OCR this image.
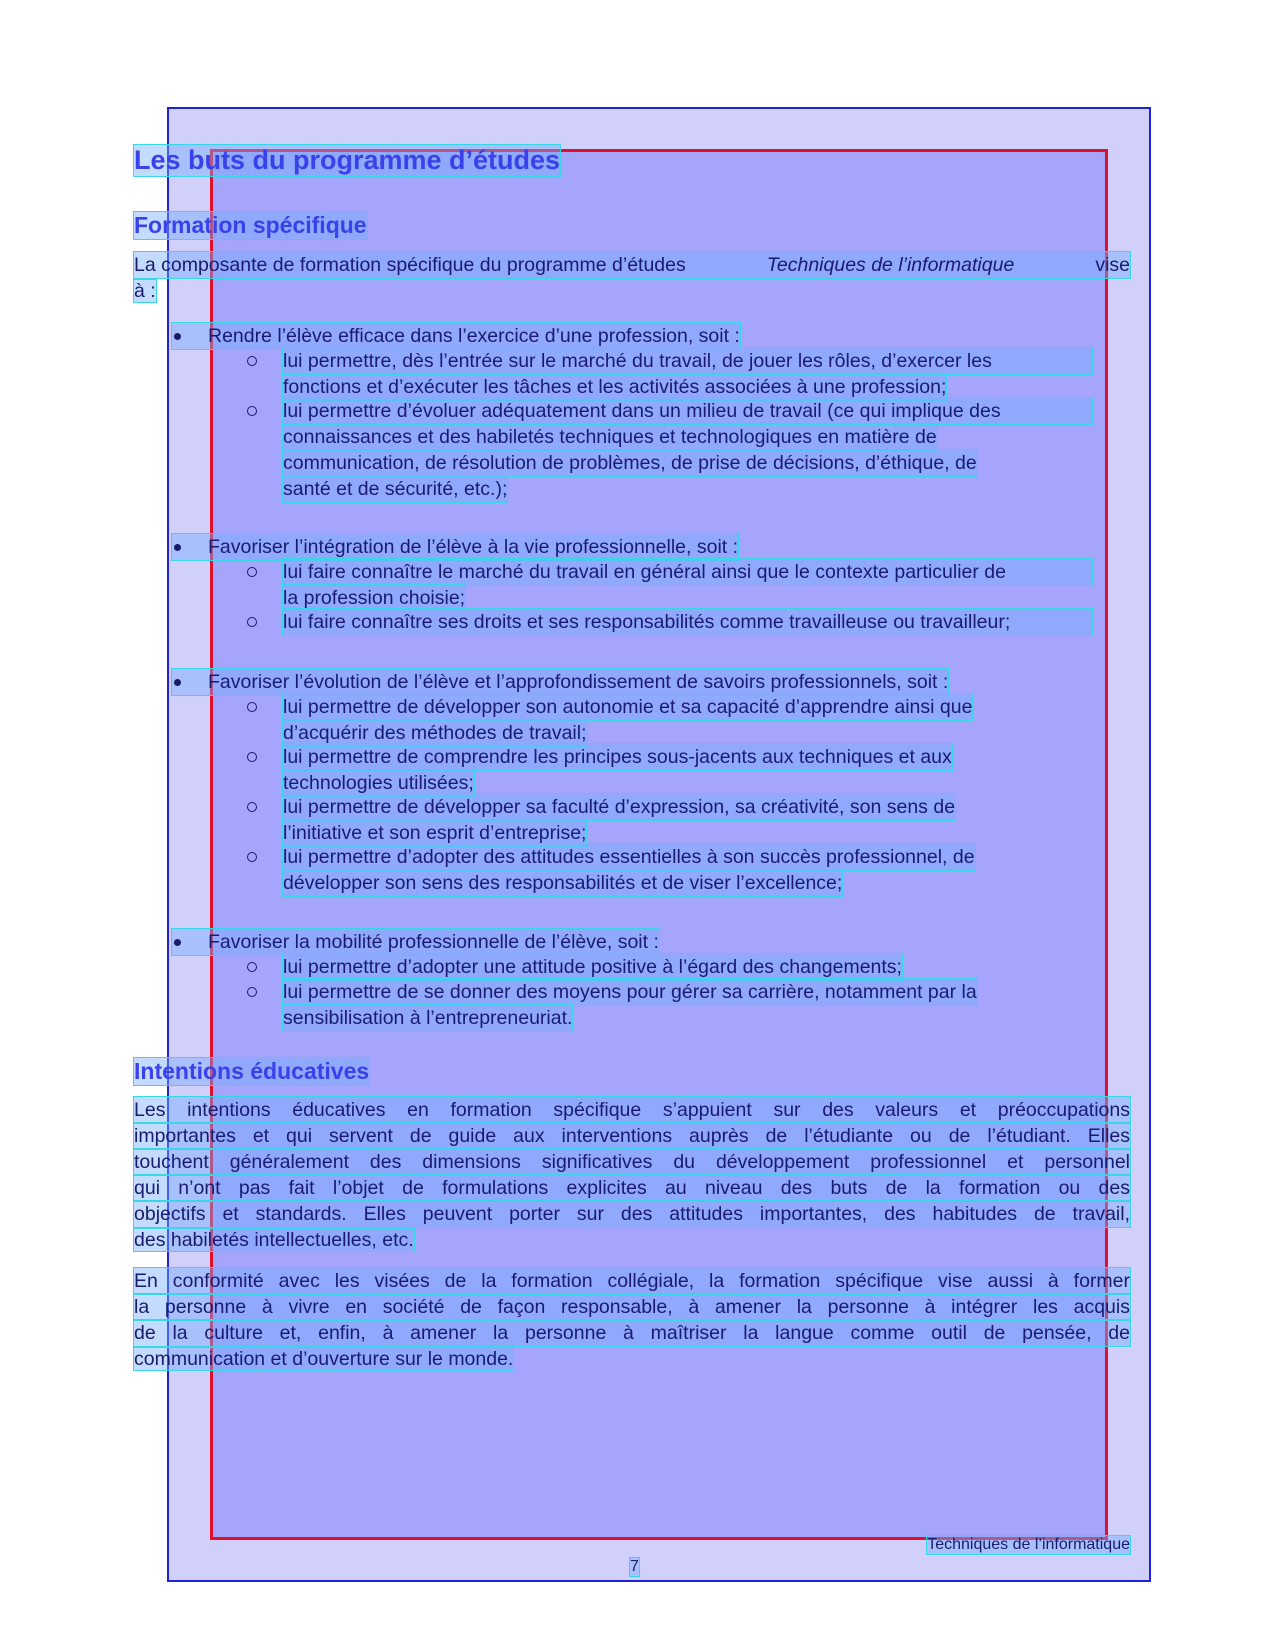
Les buts du programme d’études
Formation spécifique
La composante de formation spécifique du programme d’études	Techniques de l’informatique	vise
à :
Rendre l’élève efficace dans l’exercice d’une profession, soit :
lui permettre, dès l’entrée sur le marché du travail, de jouer les rôles, d’exercer les
fonctions et d’exécuter les tâches et les activités associées à une profession;
lui permettre d’évoluer adéquatement dans un milieu de travail (ce qui implique des
connaissances et des habiletés techniques et technologiques en matière de communication, de résolution de problèmes, de prise de décisions, d’éthique, de santé et de sécurité, etc.);
Favoriser l’intégration de l’élève à la vie professionnelle, soit :
lui faire connaître le marché du travail en général ainsi que le contexte particulier de
la profession choisie;
lui faire connaître ses droits et ses responsabilités comme travailleuse ou travailleur;
Favoriser l’évolution de l’élève et l’approfondissement de savoirs professionnels, soit :
lui permettre de développer son autonomie et sa capacité d’apprendre ainsi que d’acquérir des méthodes de travail;
lui permettre de comprendre les principes sous-jacents aux techniques et aux technologies utilisées;
lui permettre de développer sa faculté d’expression, sa créativité, son sens de l’initiative et son esprit d’entreprise;
lui permettre d’adopter des attitudes essentielles à son succès professionnel, de développer son sens des responsabilités et de viser l’excellence;
Favoriser la mobilité professionnelle de l’élève, soit :
lui permettre d’adopter une attitude positive à l’égard des changements;
lui permettre de se donner des moyens pour gérer sa carrière, notamment par la sensibilisation à l’entrepreneuriat.
Intentions éducatives
Les intentions éducatives en formation spécifique s’appuient sur des valeurs et préoccupations
importantes et qui servent de guide aux interventions auprès de l’étudiante ou de l’étudiant. Elles
touchent généralement des dimensions significatives du développement professionnel et personnel
qui n’ont pas fait l’objet de formulations explicites au niveau des buts de la formation ou des
objectifs et standards. Elles peuvent porter sur des attitudes importantes, des habitudes de travail,
des habiletés intellectuelles, etc.
En conformité avec les visées de la formation collégiale, la formation spécifique vise aussi à former
la personne à vivre en société de façon responsable, à amener la personne à intégrer les acquis
de la culture et, enfin, à amener la personne à maîtriser la langue comme outil de pensée, de
communication et d’ouverture sur le monde.
Techniques de l’informatique
7
